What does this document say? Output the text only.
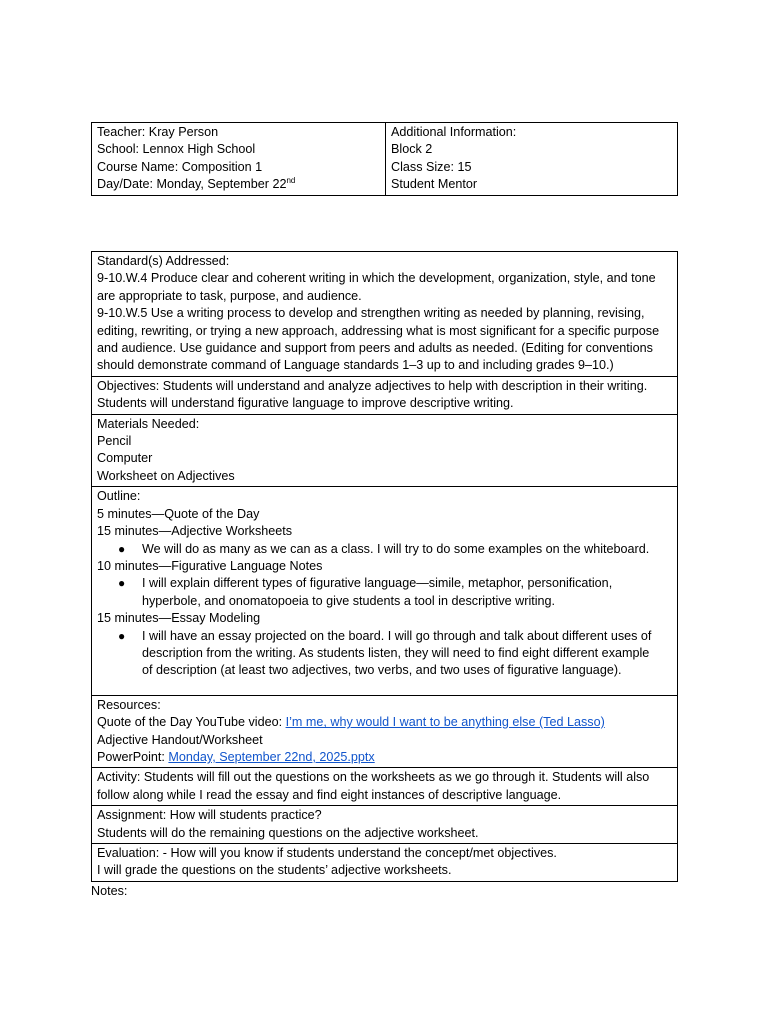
Teacher: Kray Person
School: Lennox High School
Course Name: Composition 1
Day/Date: Monday, September 22nd

Additional Information:
Block 2
Class Size: 15
Student Mentor
Standard(s) Addressed:
9-10.W.4 Produce clear and coherent writing in which the development, organization, style, and tone
are appropriate to task, purpose, and audience.
9-10.W.5 Use a writing process to develop and strengthen writing as needed by planning, revising,
editing, rewriting, or trying a new approach, addressing what is most significant for a specific purpose
and audience. Use guidance and support from peers and adults as needed. (Editing for conventions
should demonstrate command of Language standards 1–3 up to and including grades 9–10.)

Objectives: Students will understand and analyze adjectives to help with description in their writing.
Students will understand figurative language to improve descriptive writing.

Materials Needed:
Pencil
Computer
Worksheet on Adjectives

Outline:
5 minutes—Quote of the Day
15 minutes—Adjective Worksheets
● We will do as many as we can as a class. I will try to do some examples on the whiteboard.
10 minutes—Figurative Language Notes
● I will explain different types of figurative language—simile, metaphor, personification,
hyperbole, and onomatopoeia to give students a tool in descriptive writing.
15 minutes—Essay Modeling
● I will have an essay projected on the board. I will go through and talk about different uses of
description from the writing. As students listen, they will need to find eight different example
of description (at least two adjectives, two verbs, and two uses of figurative language).

Resources:
Quote of the Day YouTube video: I’m me, why would I want to be anything else (Ted Lasso)
Adjective Handout/Worksheet
PowerPoint: Monday, September 22nd, 2025.pptx

Activity: Students will fill out the questions on the worksheets as we go through it. Students will also
follow along while I read the essay and find eight instances of descriptive language.

Assignment: How will students practice?
Students will do the remaining questions on the adjective worksheet.

Evaluation: - How will you know if students understand the concept/met objectives.
I will grade the questions on the students’ adjective worksheets.
Notes:
